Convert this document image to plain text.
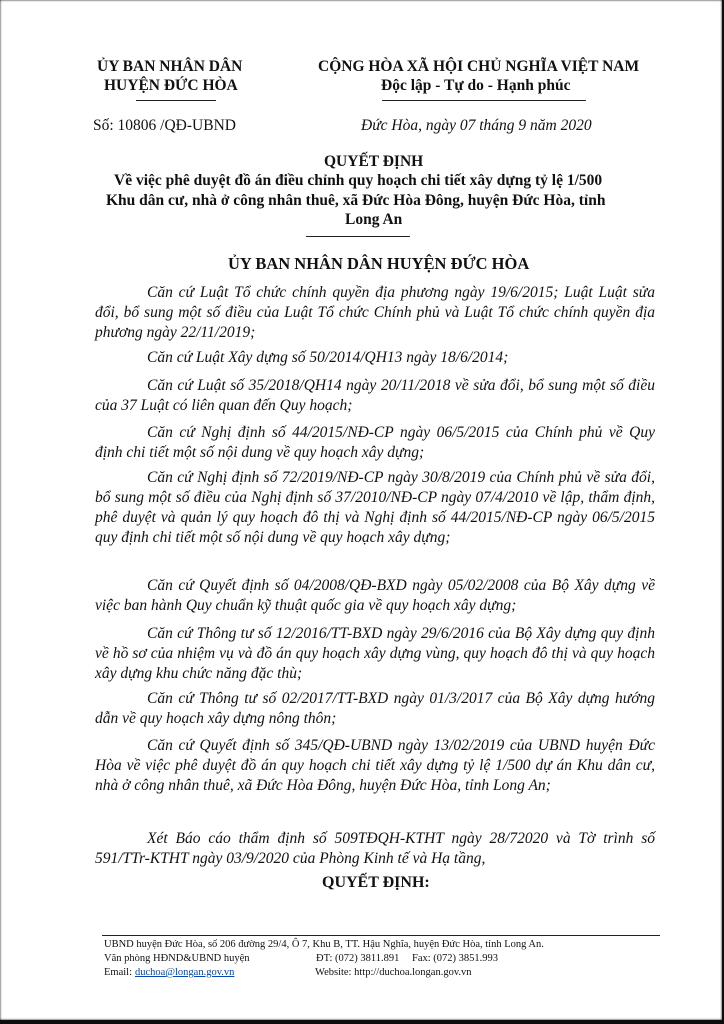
ỦY BAN NHÂN DÂN
HUYỆN ĐỨC HÒA
CỘNG HÒA XÃ HỘI CHỦ NGHĨA VIỆT NAM
Độc lập - Tự do - Hạnh phúc
Số: 10806 /QĐ-UBND	Đức Hòa, ngày 07 tháng 9 năm 2020
QUYẾT ĐỊNH
Về việc phê duyệt đồ án điều chỉnh quy hoạch chi tiết xây dựng tỷ lệ 1/500
Khu dân cư, nhà ở công nhân thuê, xã Đức Hòa Đông, huyện Đức Hòa, tỉnh
Long An
ỦY BAN NHÂN DÂN HUYỆN ĐỨC HÒA
Căn cứ Luật Tổ chức chính quyền địa phương ngày 19/6/2015; Luật Luật sửa đổi, bổ sung một số điều của Luật Tổ chức Chính phủ và Luật Tổ chức chính quyền địa phương ngày 22/11/2019;
Căn cứ Luật Xây dựng số 50/2014/QH13 ngày 18/6/2014;
Căn cứ Luật số 35/2018/QH14 ngày 20/11/2018 về sửa đổi, bổ sung một số điều của 37 Luật có liên quan đến Quy hoạch;
Căn cứ Nghị định số 44/2015/NĐ-CP ngày 06/5/2015 của Chính phủ về Quy định chi tiết một số nội dung về quy hoạch xây dựng;
Căn cứ Nghị định số 72/2019/NĐ-CP ngày 30/8/2019 của Chính phủ về sửa đổi, bổ sung một số điều của Nghị định số 37/2010/NĐ-CP ngày 07/4/2010 về lập, thẩm định, phê duyệt và quản lý quy hoạch đô thị và Nghị định số 44/2015/NĐ-CP ngày 06/5/2015 quy định chi tiết một số nội dung về quy hoạch xây dựng;
Căn cứ Quyết định số 04/2008/QĐ-BXD ngày 05/02/2008 của Bộ Xây dựng về việc ban hành Quy chuẩn kỹ thuật quốc gia về quy hoạch xây dựng;
Căn cứ Thông tư số 12/2016/TT-BXD ngày 29/6/2016 của Bộ Xây dựng quy định về hồ sơ của nhiệm vụ và đồ án quy hoạch xây dựng vùng, quy hoạch đô thị và quy hoạch xây dựng khu chức năng đặc thù;
Căn cứ Thông tư số 02/2017/TT-BXD ngày 01/3/2017 của Bộ Xây dựng hướng dẫn về quy hoạch xây dựng nông thôn;
Căn cứ Quyết định số 345/QĐ-UBND ngày 13/02/2019 của UBND huyện Đức Hòa về việc phê duyệt đồ án quy hoạch chi tiết xây dựng tỷ lệ 1/500 dự án Khu dân cư, nhà ở công nhân thuê, xã Đức Hòa Đông, huyện Đức Hòa, tỉnh Long An;
Xét Báo cáo thẩm định số 509TĐQH-KTHT ngày 28/72020 và Tờ trình số 591/TTr-KTHT ngày 03/9/2020 của Phòng Kinh tế và Hạ tầng,
QUYẾT ĐỊNH:
UBND huyện Đức Hòa, số 206 đường 29/4, Ô 7, Khu B, TT. Hậu Nghĩa, huyện Đức Hòa, tỉnh Long An.
Văn phòng HĐND&UBND huyện	ĐT: (072) 3811.891 Fax: (072) 3851.993
Email: duchoa@longan.gov.vn	Website: http://duchoa.longan.gov.vn
